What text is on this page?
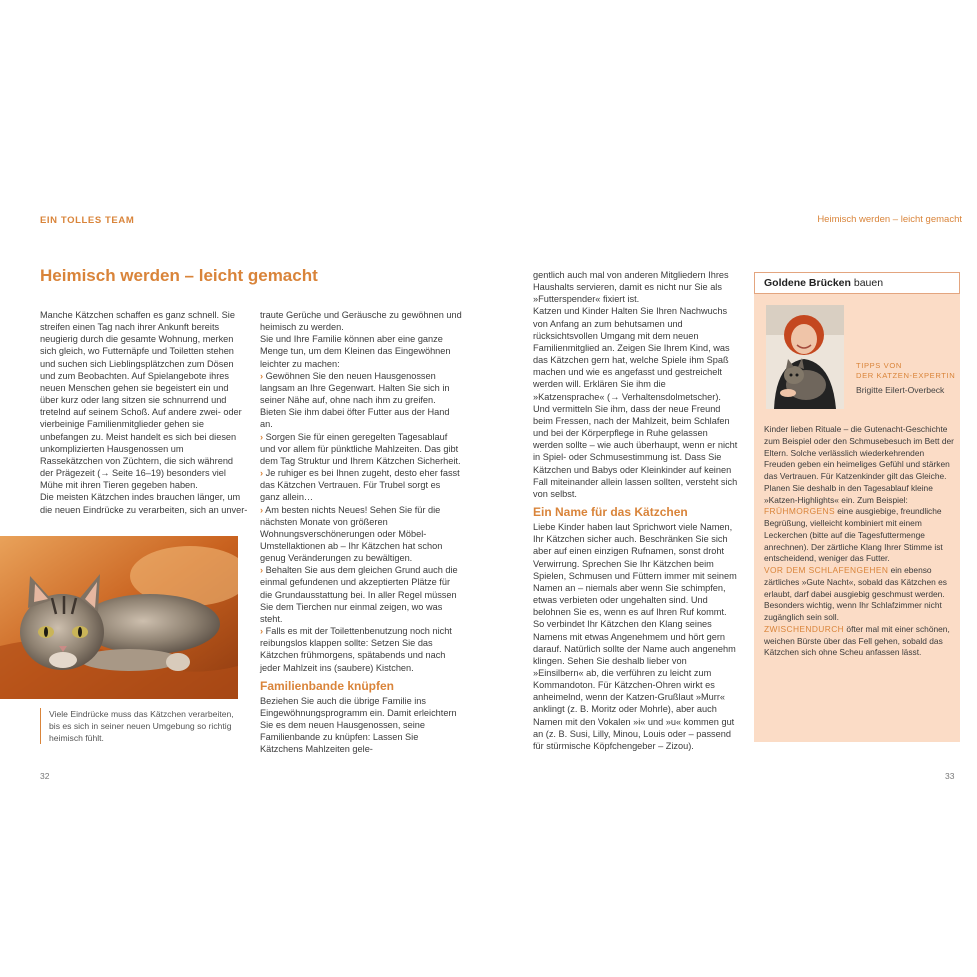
EIN TOLLES TEAM	Heimisch werden – leicht gemacht
Heimisch werden – leicht gemacht

Manche Kätzchen schaffen es ganz schnell. Sie streifen einen Tag nach ihrer Ankunft bereits neugierig durch die gesamte Wohnung, merken sich gleich, wo Futternäpfe und Toiletten stehen und suchen sich Lieblingsplätzchen zum Dösen und zum Beobachten. Auf Spielangebote ihres neuen Menschen gehen sie begeistert ein und über kurz oder lang sitzen sie schnurrend und tretelnd auf seinem Schoß. Auf andere zwei- oder vierbeinige Familienmitglieder gehen sie unbefangen zu. Meist handelt es sich bei diesen unkomplizierten Hausgenossen um Rassekätzchen von Züchtern, die sich während der Prägezeit (→ Seite 16–19) besonders viel Mühe mit ihren Tieren gegeben haben.

Die meisten Kätzchen indes brauchen länger, um die neuen Eindrücke zu verarbeiten, sich an unver-

Viele Eindrücke muss das Kätzchen verarbeiten, bis es sich in seiner neuen Umgebung so richtig heimisch fühlt.

traute Gerüche und Geräusche zu gewöhnen und heimisch zu werden.

Sie und Ihre Familie können aber eine ganze Menge tun, um dem Kleinen das Eingewöhnen leichter zu machen:

› Gewöhnen Sie den neuen Hausgenossen langsam an Ihre Gegenwart. Halten Sie sich in seiner Nähe auf, ohne nach ihm zu greifen. Bieten Sie ihm dabei öfter Futter aus der Hand an.

› Sorgen Sie für einen geregelten Tagesablauf und vor allem für pünktliche Mahlzeiten. Das gibt dem Tag Struktur und Ihrem Kätzchen Sicherheit.

› Je ruhiger es bei Ihnen zugeht, desto eher fasst das Kätzchen Vertrauen. Für Trubel sorgt es ganz allein…

› Am besten nichts Neues! Sehen Sie für die nächsten Monate von größeren Wohnungsverschönerungen oder Möbel-Umstellaktionen ab – Ihr Kätzchen hat schon genug Veränderungen zu bewältigen.

› Behalten Sie aus dem gleichen Grund auch die einmal gefundenen und akzeptierten Plätze für die Grundausstattung bei. In aller Regel müssen Sie dem Tierchen nur einmal zeigen, wo was steht.

› Falls es mit der Toilettenbenutzung noch nicht reibungslos klappen sollte: Setzen Sie das Kätzchen frühmorgens, spätabends und nach jeder Mahlzeit ins (saubere) Kistchen.

Familienbande knüpfen

Beziehen Sie auch die übrige Familie ins Eingewöhnungsprogramm ein. Damit erleichtern Sie es dem neuen Hausgenossen, seine Familienbande zu knüpfen: Lassen Sie Kätzchens Mahlzeiten gele-

gentlich auch mal von anderen Mitgliedern Ihres Haushalts servieren, damit es nicht nur Sie als »Futterspender« fixiert ist.

Katzen und Kinder Halten Sie Ihren Nachwuchs von Anfang an zum behutsamen und rücksichtsvollen Umgang mit dem neuen Familienmitglied an. Zeigen Sie Ihrem Kind, was das Kätzchen gern hat, welche Spiele ihm Spaß machen und wie es angefasst und gestreichelt werden will. Erklären Sie ihm die »Katzensprache« (→ Verhaltensdolmetscher). Und vermitteln Sie ihm, dass der neue Freund beim Fressen, nach der Mahlzeit, beim Schlafen und bei der Körperpflege in Ruhe gelassen werden sollte – wie auch überhaupt, wenn er nicht in Spiel- oder Schmusestimmung ist. Dass Sie Kätzchen und Babys oder Kleinkinder auf keinen Fall miteinander allein lassen sollten, versteht sich von selbst.

Ein Name für das Kätzchen

Liebe Kinder haben laut Sprichwort viele Namen, Ihr Kätzchen sicher auch. Beschränken Sie sich aber auf einen einzigen Rufnamen, sonst droht Verwirrung. Sprechen Sie Ihr Kätzchen beim Spielen, Schmusen und Füttern immer mit seinem Namen an – niemals aber wenn Sie schimpfen, etwas verbieten oder ungehalten sind. Und belohnen Sie es, wenn es auf Ihren Ruf kommt. So verbindet Ihr Kätzchen den Klang seines Namens mit etwas Angenehmem und hört gern darauf. Natürlich sollte der Name auch angenehm klingen. Sehen Sie deshalb lieber von »Einsilbern« ab, die verführen zu leicht zum Kommandoton. Für Kätzchen-Ohren wirkt es anheimelnd, wenn der Katzen-Grußlaut »Murr« anklingt (z. B. Moritz oder Mohrle), aber auch Namen mit den Vokalen »i« und »u« kommen gut an (z. B. Susi, Lilly, Minou, Louis oder – passend für stürmische Köpfchengeber – Zizou).

Goldene Brücken bauen
TIPPS VON
DER KATZEN-EXPERTIN
Brigitte Eilert-Overbeck

Kinder lieben Rituale – die Gutenacht-Geschichte zum Beispiel oder den Schmusebesuch im Bett der Eltern. Solche verlässlich wiederkehrenden Freuden geben ein heimeliges Gefühl und stärken das Vertrauen. Für Katzenkinder gilt das Gleiche. Planen Sie deshalb in den Tagesablauf kleine »Katzen-Highlights« ein. Zum Beispiel:

FRÜHMORGENS eine ausgiebige, freundliche Begrüßung, vielleicht kombiniert mit einem Leckerchen (bitte auf die Tagesfuttermenge anrechnen). Der zärtliche Klang Ihrer Stimme ist entscheidend, weniger das Futter.

VOR DEM SCHLAFENGEHEN ein ebenso zärtliches »Gute Nacht«, sobald das Kätzchen es erlaubt, darf dabei ausgiebig geschmust werden. Besonders wichtig, wenn Ihr Schlafzimmer nicht zugänglich sein soll.

ZWISCHENDURCH öfter mal mit einer schönen, weichen Bürste über das Fell gehen, sobald das Kätzchen sich ohne Scheu anfassen lässt.

32	33
